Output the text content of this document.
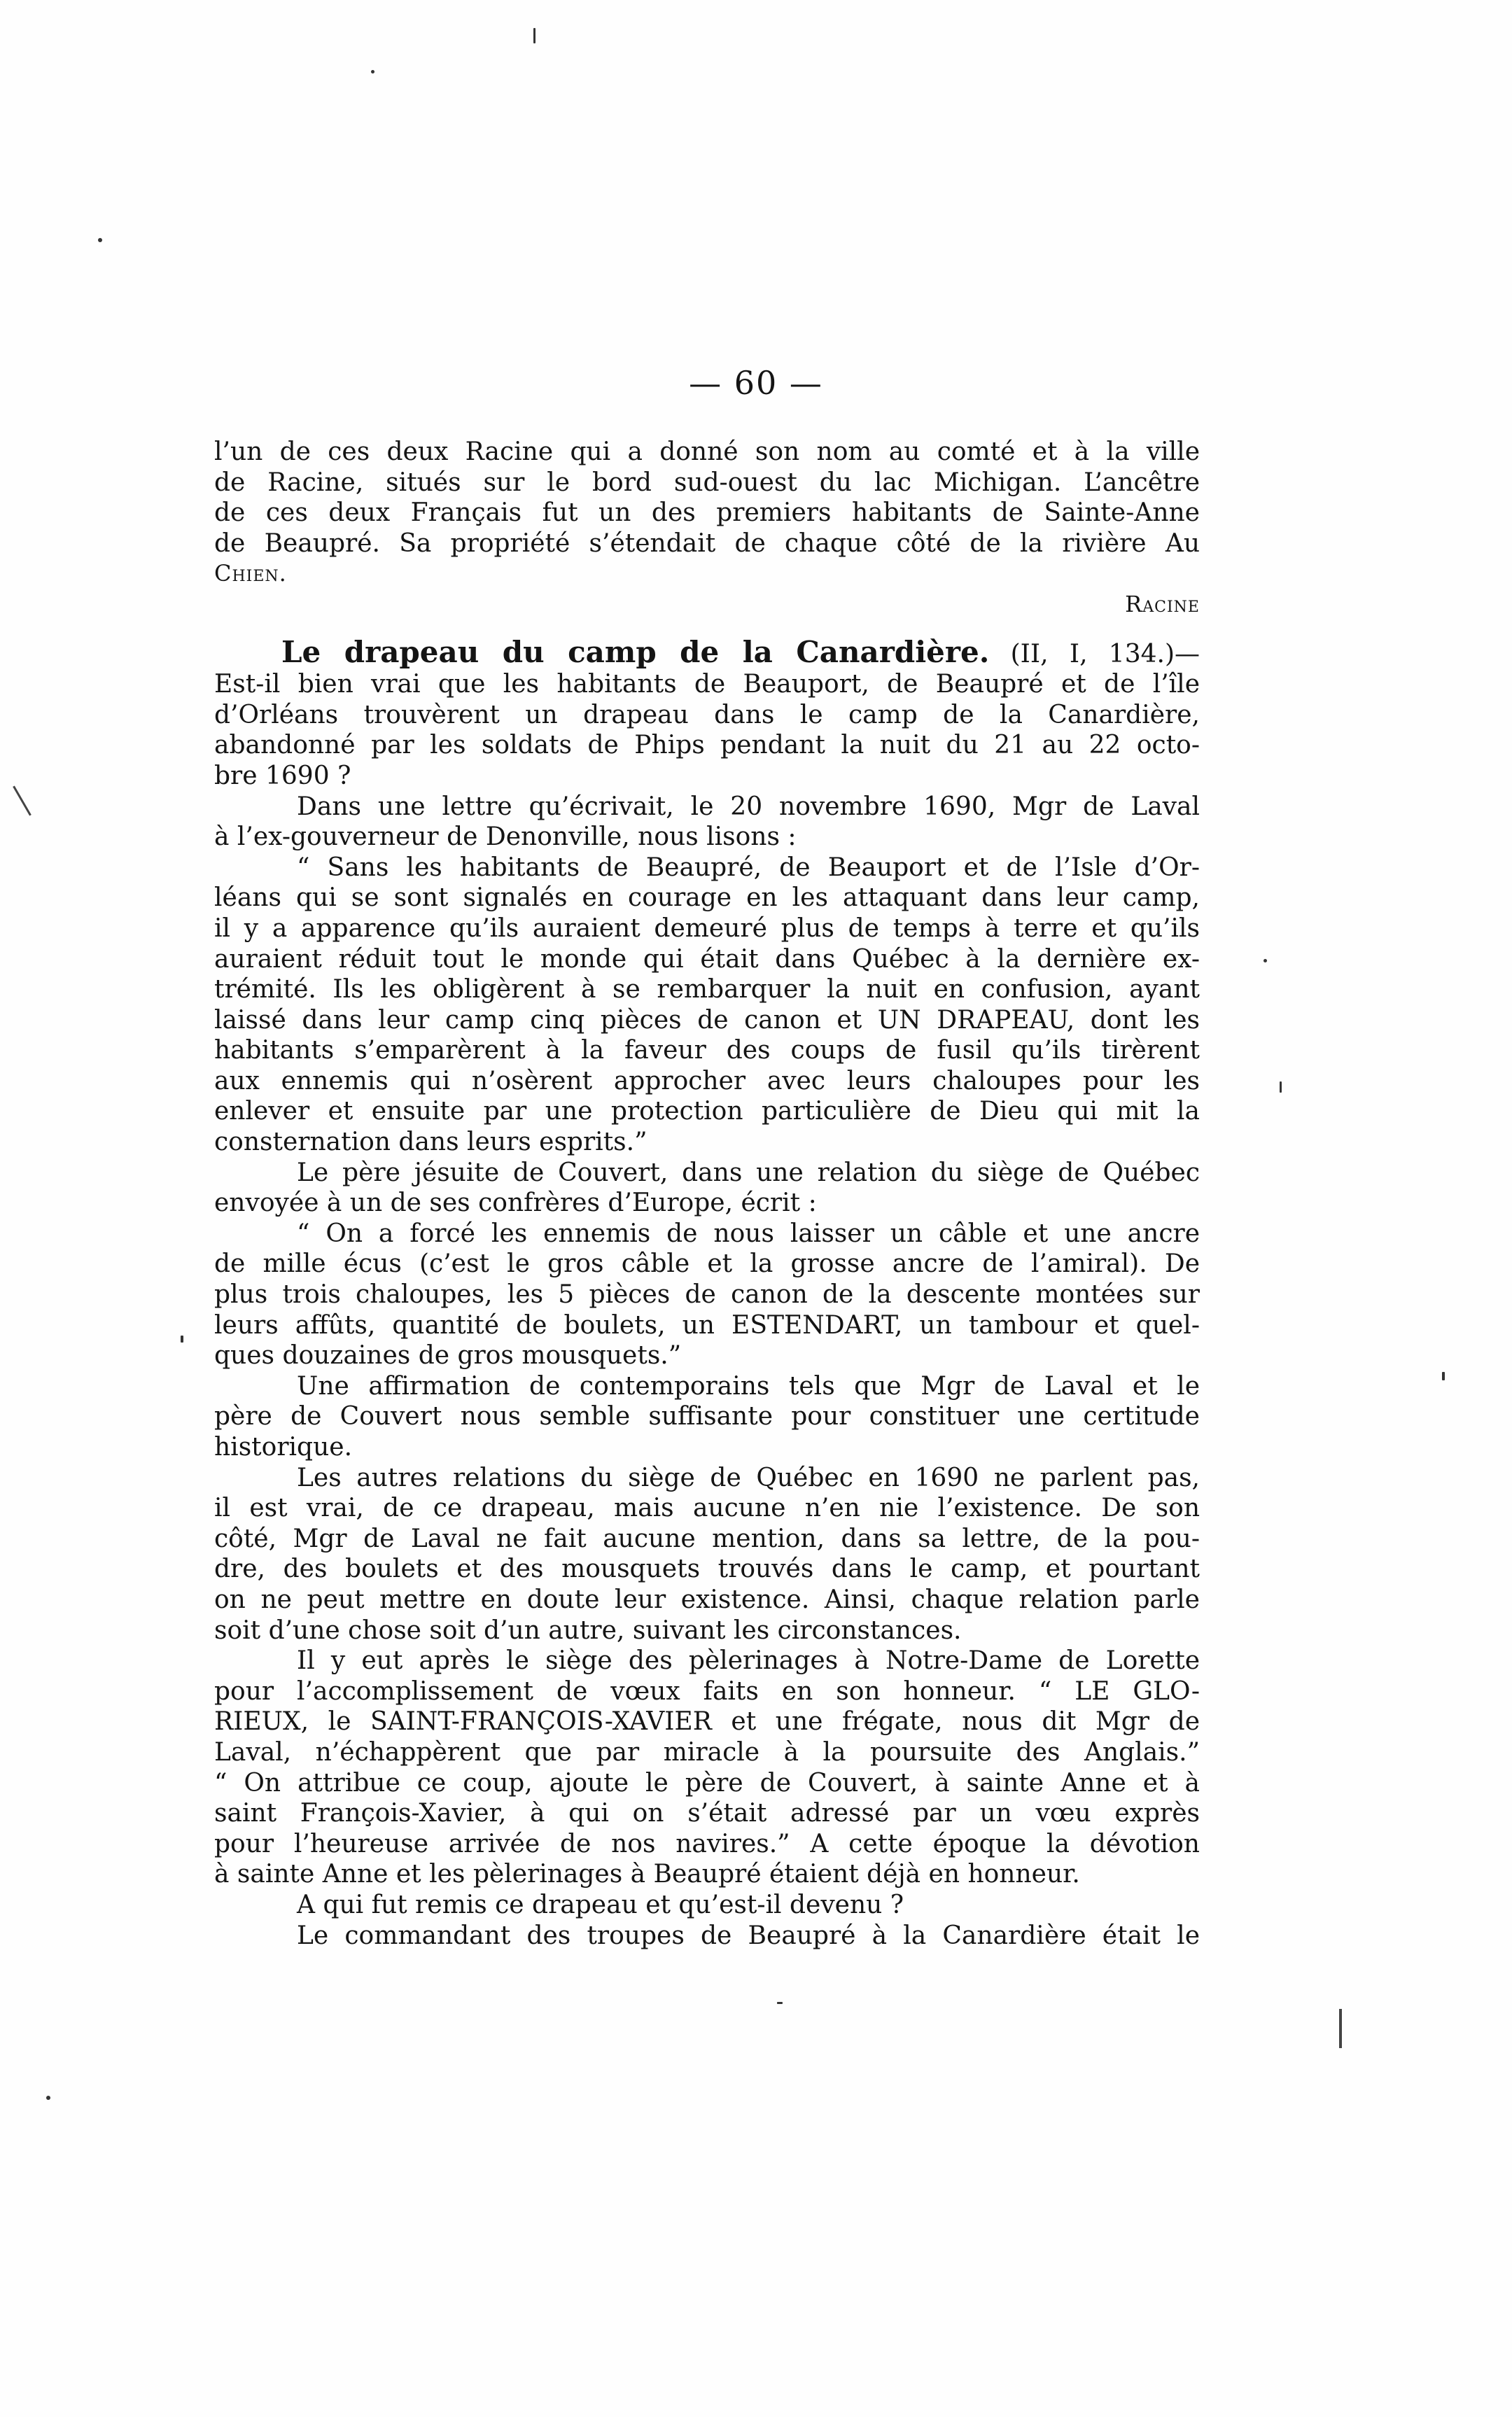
— 60 —
l’un de ces deux Racine qui a donné son nom au comté et à la ville
de Racine, situés sur le bord sud-ouest du lac Michigan. L’ancêtre
de ces deux Français fut un des premiers habitants de Sainte-Anne
de Beaupré. Sa propriété s’étendait de chaque côté de la rivière Au
Chien.
Racine
Le drapeau du camp de la Canardière. (II, I, 134.)—
Est-il bien vrai que les habitants de Beauport, de Beaupré et de l’île
d’Orléans trouvèrent un drapeau dans le camp de la Canardière,
abandonné par les soldats de Phips pendant la nuit du 21 au 22 octo-
bre 1690 ?
Dans une lettre qu’écrivait, le 20 novembre 1690, Mgr de Laval
à l’ex-gouverneur de Denonville, nous lisons :
“ Sans les habitants de Beaupré, de Beauport et de l’Isle d’Or-
léans qui se sont signalés en courage en les attaquant dans leur camp,
il y a apparence qu’ils auraient demeuré plus de temps à terre et qu’ils
auraient réduit tout le monde qui était dans Québec à la dernière ex-
trémité. Ils les obligèrent à se rembarquer la nuit en confusion, ayant
laissé dans leur camp cinq pièces de canon et UN DRAPEAU, dont les
habitants s’emparèrent à la faveur des coups de fusil qu’ils tirèrent
aux ennemis qui n’osèrent approcher avec leurs chaloupes pour les
enlever et ensuite par une protection particulière de Dieu qui mit la
consternation dans leurs esprits.”
Le père jésuite de Couvert, dans une relation du siège de Québec
envoyée à un de ses confrères d’Europe, écrit :
“ On a forcé les ennemis de nous laisser un câble et une ancre
de mille écus (c’est le gros câble et la grosse ancre de l’amiral). De
plus trois chaloupes, les 5 pièces de canon de la descente montées sur
leurs affûts, quantité de boulets, un ESTENDART, un tambour et quel-
ques douzaines de gros mousquets.”
Une affirmation de contemporains tels que Mgr de Laval et le
père de Couvert nous semble suffisante pour constituer une certitude
historique.
Les autres relations du siège de Québec en 1690 ne parlent pas,
il est vrai, de ce drapeau, mais aucune n’en nie l’existence. De son
côté, Mgr de Laval ne fait aucune mention, dans sa lettre, de la pou-
dre, des boulets et des mousquets trouvés dans le camp, et pourtant
on ne peut mettre en doute leur existence. Ainsi, chaque relation parle
soit d’une chose soit d’un autre, suivant les circonstances.
Il y eut après le siège des pèlerinages à Notre-Dame de Lorette
pour l’accomplissement de vœux faits en son honneur. “ LE GLO-
RIEUX, le SAINT-FRANÇOIS-XAVIER et une frégate, nous dit Mgr de
Laval, n’échappèrent que par miracle à la poursuite des Anglais.”
“ On attribue ce coup, ajoute le père de Couvert, à sainte Anne et à
saint François-Xavier, à qui on s’était adressé par un vœu exprès
pour l’heureuse arrivée de nos navires.” A cette époque la dévotion
à sainte Anne et les pèlerinages à Beaupré étaient déjà en honneur.
A qui fut remis ce drapeau et qu’est-il devenu ?
Le commandant des troupes de Beaupré à la Canardière était le
